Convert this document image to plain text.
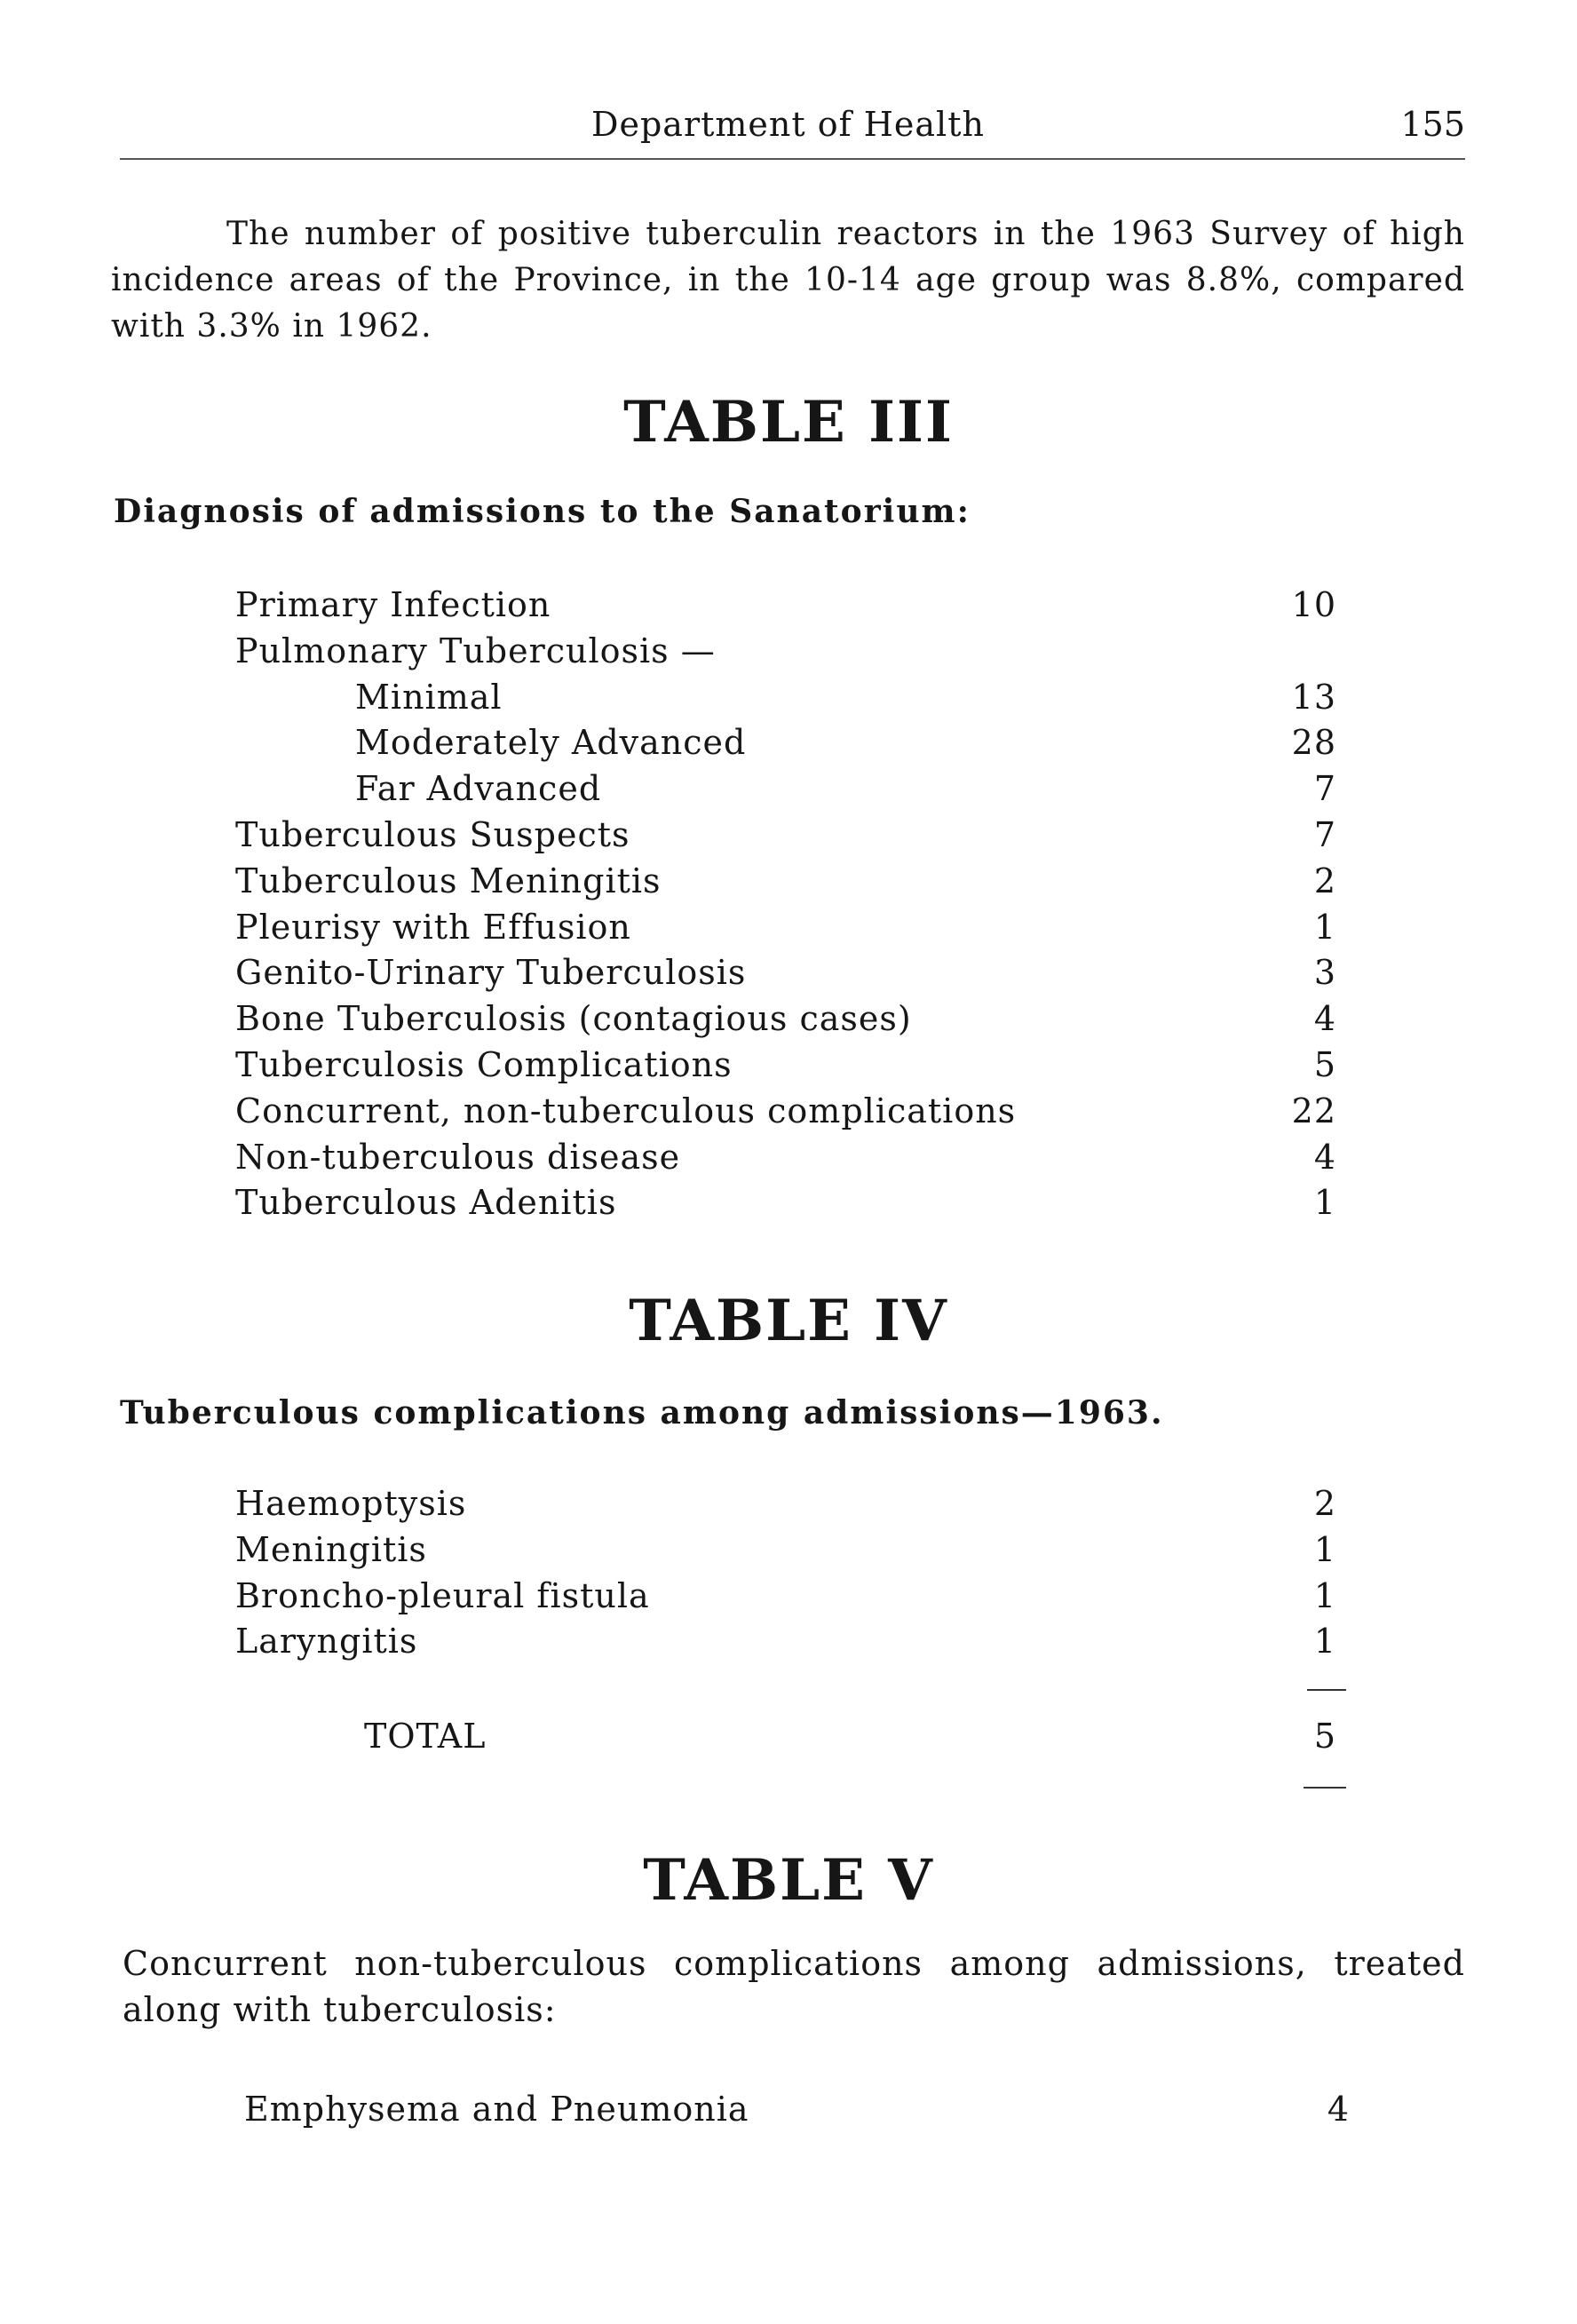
Department of Health	155

The number of positive tuberculin reactors in the 1963 Survey of high incidence areas of the Province, in the 10-14 age group was 8.8%, compared with 3.3% in 1962.

TABLE III
Diagnosis of admissions to the Sanatorium:
Primary Infection	10
Pulmonary Tuberculosis —
Minimal	13
Moderately Advanced	28
Far Advanced	7
Tuberculous Suspects	7
Tuberculous Meningitis	2
Pleurisy with Effusion	1
Genito-Urinary Tuberculosis	3
Bone Tuberculosis (contagious cases)	4
Tuberculosis Complications	5
Concurrent, non-tuberculous complications	22
Non-tuberculous disease	4
Tuberculous Adenitis	1
TABLE IV
Tuberculous complications among admissions—1963.
Haemoptysis	2
Meningitis	1
Broncho-pleural fistula	1
Laryngitis	1
TOTAL	5
TABLE V

Concurrent non-tuberculous complications among admissions, treated along with tuberculosis:

Emphysema and Pneumonia	4
